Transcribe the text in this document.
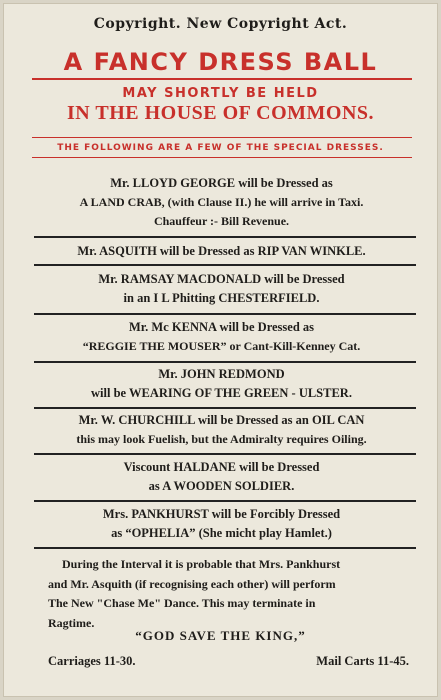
Copyright. New Copyright Act.
A FANCY DRESS BALL
MAY SHORTLY BE HELD
IN THE HOUSE OF COMMONS.
THE FOLLOWING ARE A FEW OF THE SPECIAL DRESSES.
Mr. LLOYD GEORGE will be Dressed as
A LAND CRAB, (with Clause II.) he will arrive in Taxi.
Chauffeur :- Bill Revenue.
Mr. ASQUITH will be Dressed as RIP VAN WINKLE.
Mr. RAMSAY MACDONALD will be Dressed
in an I L Phitting CHESTERFIELD.
Mr. Mc KENNA will be Dressed as
“REGGIE THE MOUSER” or Cant-Kill-Kenney Cat.
Mr. JOHN REDMOND
will be WEARING OF THE GREEN - ULSTER.
Mr. W. CHURCHILL will be Dressed as an OIL CAN
this may look Fuelish, but the Admiralty requires Oiling.
Viscount HALDANE will be Dressed
as A WOODEN SOLDIER.
Mrs. PANKHURST will be Forcibly Dressed
as “OPHELIA” (She micht play Hamlet.)
During the Interval it is probable that Mrs. Pankhurst
and Mr. Asquith (if recognising each other) will perform
The New "Chase Me" Dance. This may terminate in
Ragtime.
“GOD SAVE THE KING,”
Carriages 11-30.	Mail Carts 11-45.
